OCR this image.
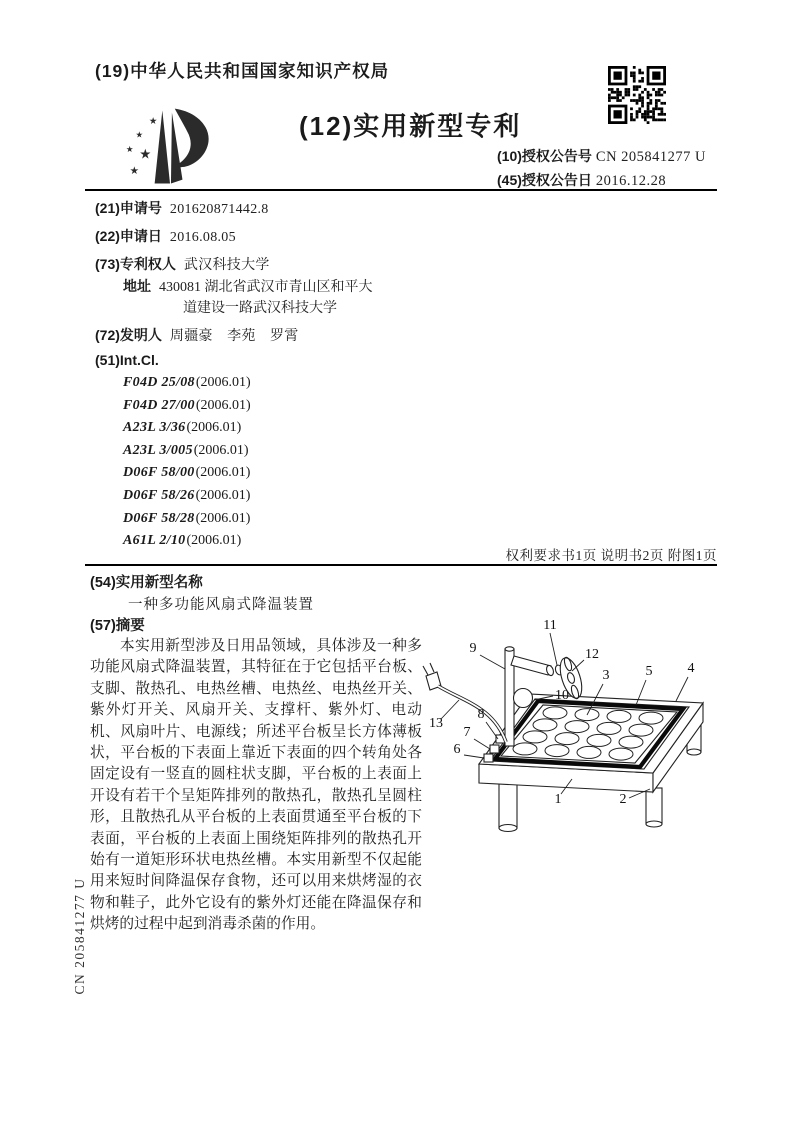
(19)中华人民共和国国家知识产权局
★
★
★ ★
★
(12)实用新型专利
(10)授权公告号 CN 205841277 U
(45)授权公告日 2016.12.28
(21)申请号 201620871442.8
(22)申请日 2016.08.05
(73)专利权人 武汉科技大学
地址 430081 湖北省武汉市青山区和平大
道建设一路武汉科技大学
(72)发明人 周疆豪　李苑　罗霄
(51)Int.Cl.
F04D 25/08(2006.01)
F04D 27/00(2006.01)
A23L 3/36(2006.01)
A23L 3/005(2006.01)
D06F 58/00(2006.01)
D06F 58/26(2006.01)
D06F 58/28(2006.01)
A61L 2/10(2006.01)
权利要求书1页 说明书2页 附图1页
(54)实用新型名称
一种多功能风扇式降温装置
(57)摘要
本实用新型涉及日用品领域，具体涉及一种多功能风扇式降温装置，其特征在于它包括平台板、支脚、散热孔、电热丝槽、电热丝、电热丝开关、紫外灯开关、风扇开关、支撑杆、紫外灯、电动机、风扇叶片、电源线；所述平台板呈长方体薄板状，平台板的下表面上靠近下表面的四个转角处各固定设有一竖直的圆柱状支脚，平台板的上表面上开设有若干个呈矩阵排列的散热孔，散热孔呈圆柱形，且散热孔从平台板的上表面贯通至平台板的下表面，平台板的上表面上围绕矩阵排列的散热孔开始有一道矩形环状电热丝槽。本实用新型不仅起能用来短时间降温保存食物，还可以用来烘烤湿的衣物和鞋子，此外它设有的紫外灯还能在降温保存和烘烤的过程中起到消毒杀菌的作用。
1	2
3	4
5
6
7
8
9
10
11
12
13
CN 205841277 U
